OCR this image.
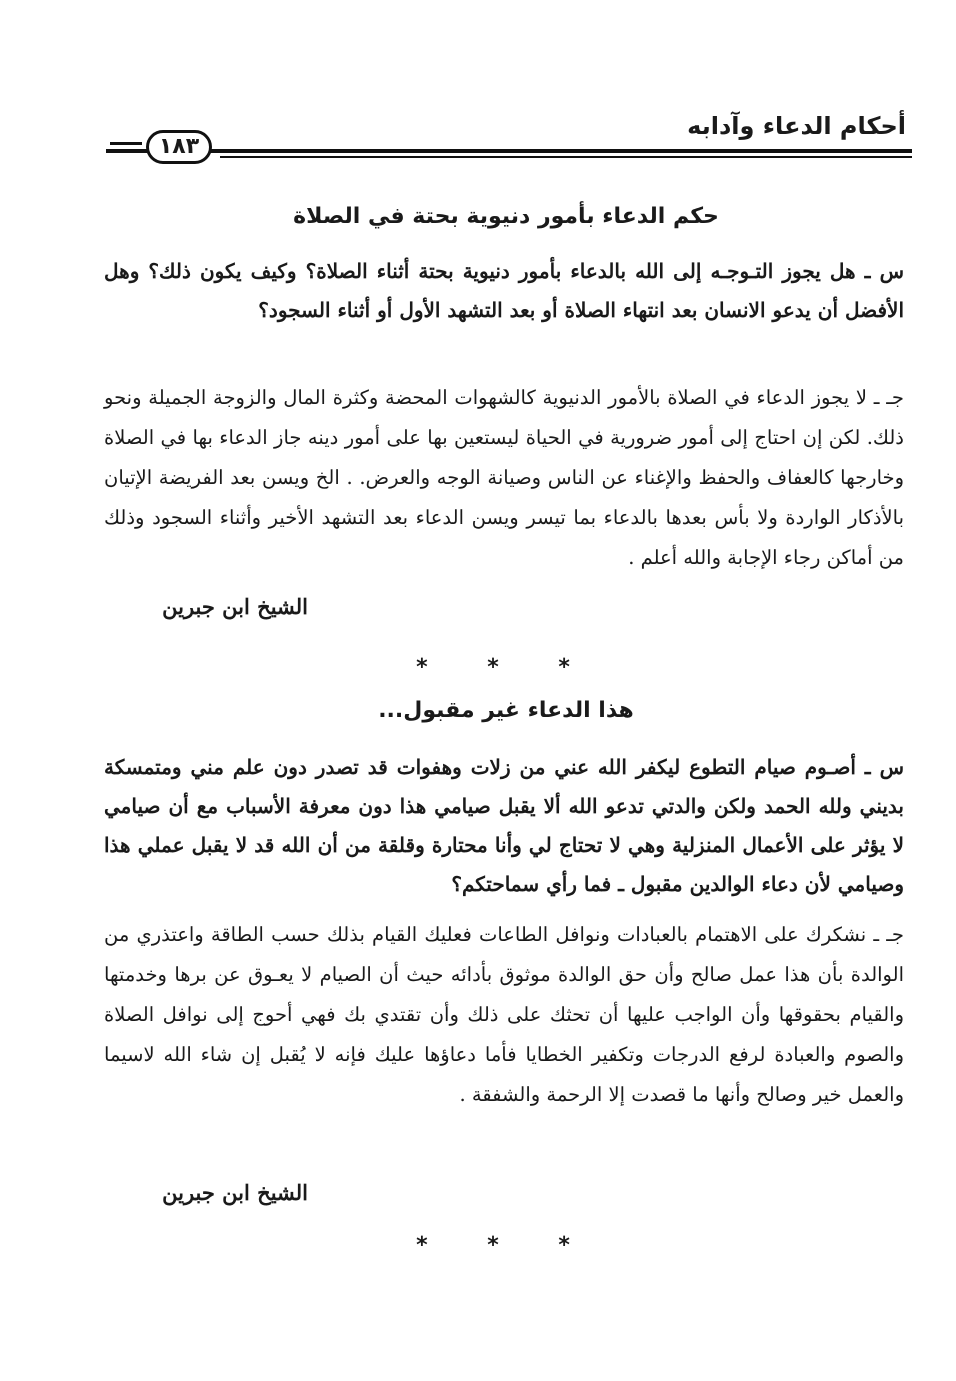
أحكام الدعاء وآدابه
١٨٣
حكم الدعاء بأمور دنيوية بحتة في الصلاة
س ـ هل يجوز التـوجـه إلى الله بالدعاء بأمور دنيوية بحتة أثناء الصلاة؟ وكيف يكون ذلك؟ وهل الأفضل أن يدعو الانسان بعد انتهاء الصلاة أو بعد التشهد الأول أو أثناء السجود؟
جـ ـ لا يجوز الدعاء في الصلاة بالأمور الدنيوية كالشهوات المحضة وكثرة المال والزوجة الجميلة ونحو ذلك. لكن إن احتاج إلى أمور ضرورية في الحياة ليستعين بها على أمور دينه جاز الدعاء بها في الصلاة وخارجها كالعفاف والحفظ والإغناء عن الناس وصيانة الوجه والعرض. . الخ ويسن بعد الفريضة الإتيان بالأذكار الواردة ولا بأس بعدها بالدعاء بما تيسر ويسن الدعاء بعد التشهد الأخير وأثناء السجود وذلك من أماكن رجاء الإجابة والله أعلم .
الشيخ ابن جبرين
* * *
هذا الدعاء غير مقبول...
س ـ أصـوم صيام التطوع ليكفر الله عني من زلات وهفوات قد تصدر دون علم مني ومتمسكة بديني ولله الحمد ولكن والدتي تدعو الله ألا يقبل صيامي هذا دون معرفة الأسباب مع أن صيامي لا يؤثر على الأعمال المنزلية وهي لا تحتاج لي وأنا محتارة وقلقة من أن الله قد لا يقبل عملي هذا وصيامي لأن دعاء الوالدين مقبول ـ فما رأي سماحتكم؟
جـ ـ نشكرك على الاهتمام بالعبادات ونوافل الطاعات فعليك القيام بذلك حسب الطاقة واعتذري من الوالدة بأن هذا عمل صالح وأن حق الوالدة موثوق بأدائه حيث أن الصيام لا يعـوق عن برها وخدمتها والقيام بحقوقها وأن الواجب عليها أن تحثك على ذلك وأن تقتدي بك فهي أحوج إلى نوافل الصلاة والصوم والعبادة لرفع الدرجات وتكفير الخطايا فأما دعاؤها عليك فإنه لا يُقبل إن شاء الله لاسيما والعمل خير وصالح وأنها ما قصدت إلا الرحمة والشفقة .
الشيخ ابن جبرين
* * *
